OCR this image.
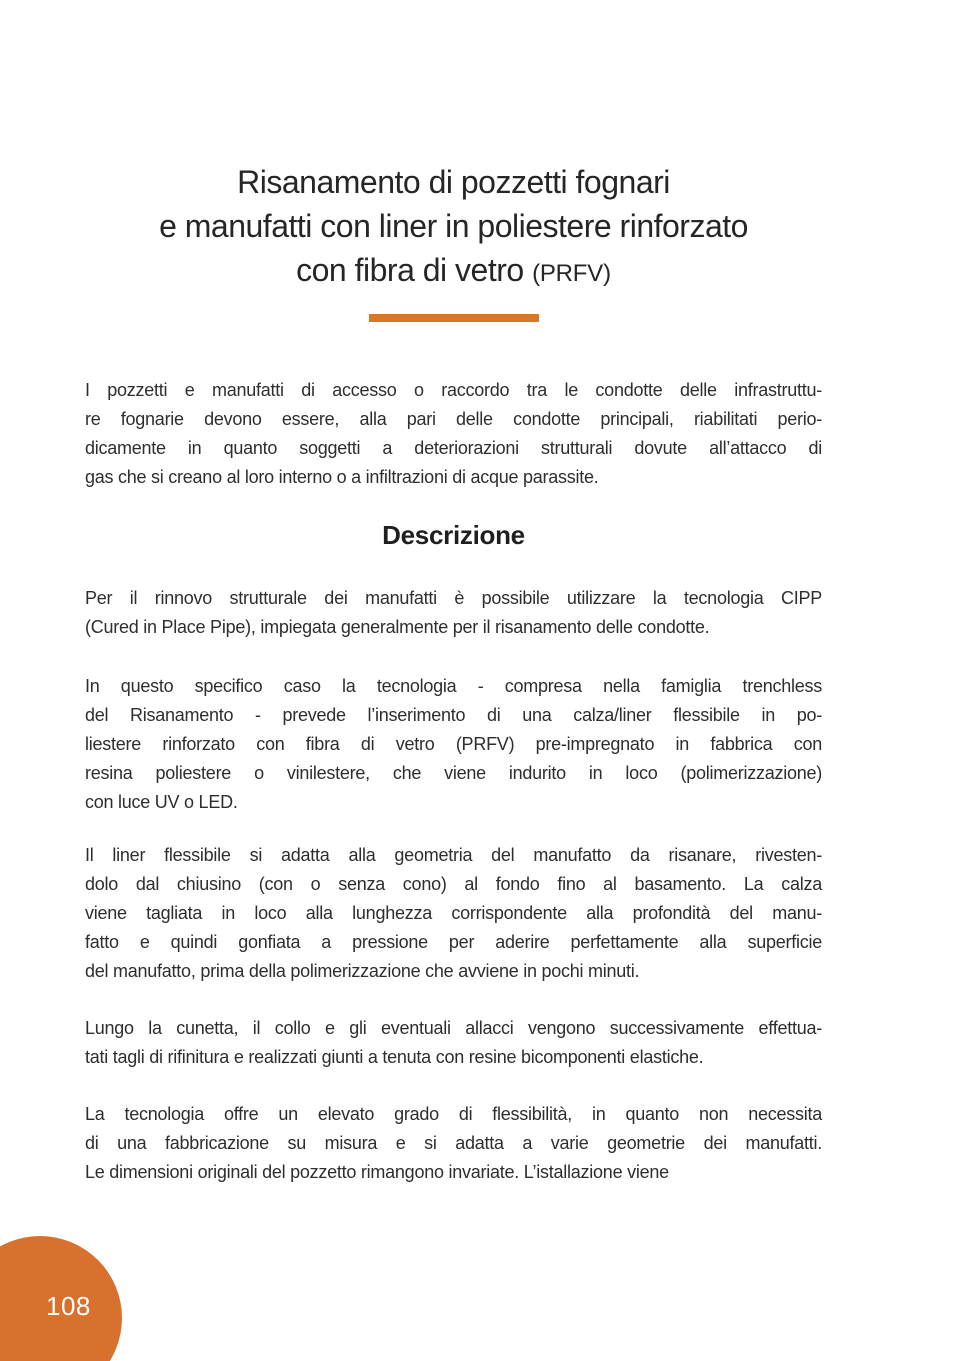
Risanamento di pozzetti fognari
e manufatti con liner in poliestere rinforzato
con fibra di vetro (PRFV)
I pozzetti e manufatti di accesso o raccordo tra le condotte delle infrastruttu-
re fognarie devono essere, alla pari delle condotte principali, riabilitati perio-
dicamente in quanto soggetti a deteriorazioni strutturali dovute all’attacco di
gas che si creano al loro interno o a infiltrazioni di acque parassite.
Descrizione
Per il rinnovo strutturale dei manufatti è possibile utilizzare la tecnologia CIPP
(Cured in Place Pipe), impiegata generalmente per il risanamento delle condotte.
In questo specifico caso la tecnologia - compresa nella famiglia trenchless
del Risanamento - prevede l’inserimento di una calza/liner flessibile in po-
liestere rinforzato con fibra di vetro (PRFV) pre-impregnato in fabbrica con
resina poliestere o vinilestere, che viene indurito in loco (polimerizzazione)
con luce UV o LED.
Il liner flessibile si adatta alla geometria del manufatto da risanare, rivesten-
dolo dal chiusino (con o senza cono) al fondo fino al basamento. La calza
viene tagliata in loco alla lunghezza corrispondente alla profondità del manu-
fatto e quindi gonfiata a pressione per aderire perfettamente alla superficie
del manufatto, prima della polimerizzazione che avviene in pochi minuti.
Lungo la cunetta, il collo e gli eventuali allacci vengono successivamente effettua-
tati tagli di rifinitura e realizzati giunti a tenuta con resine bicomponenti elastiche.
La tecnologia offre un elevato grado di flessibilità, in quanto non necessita
di una fabbricazione su misura e si adatta a varie geometrie dei manufatti.
Le dimensioni originali del pozzetto rimangono invariate. L’istallazione viene
108
